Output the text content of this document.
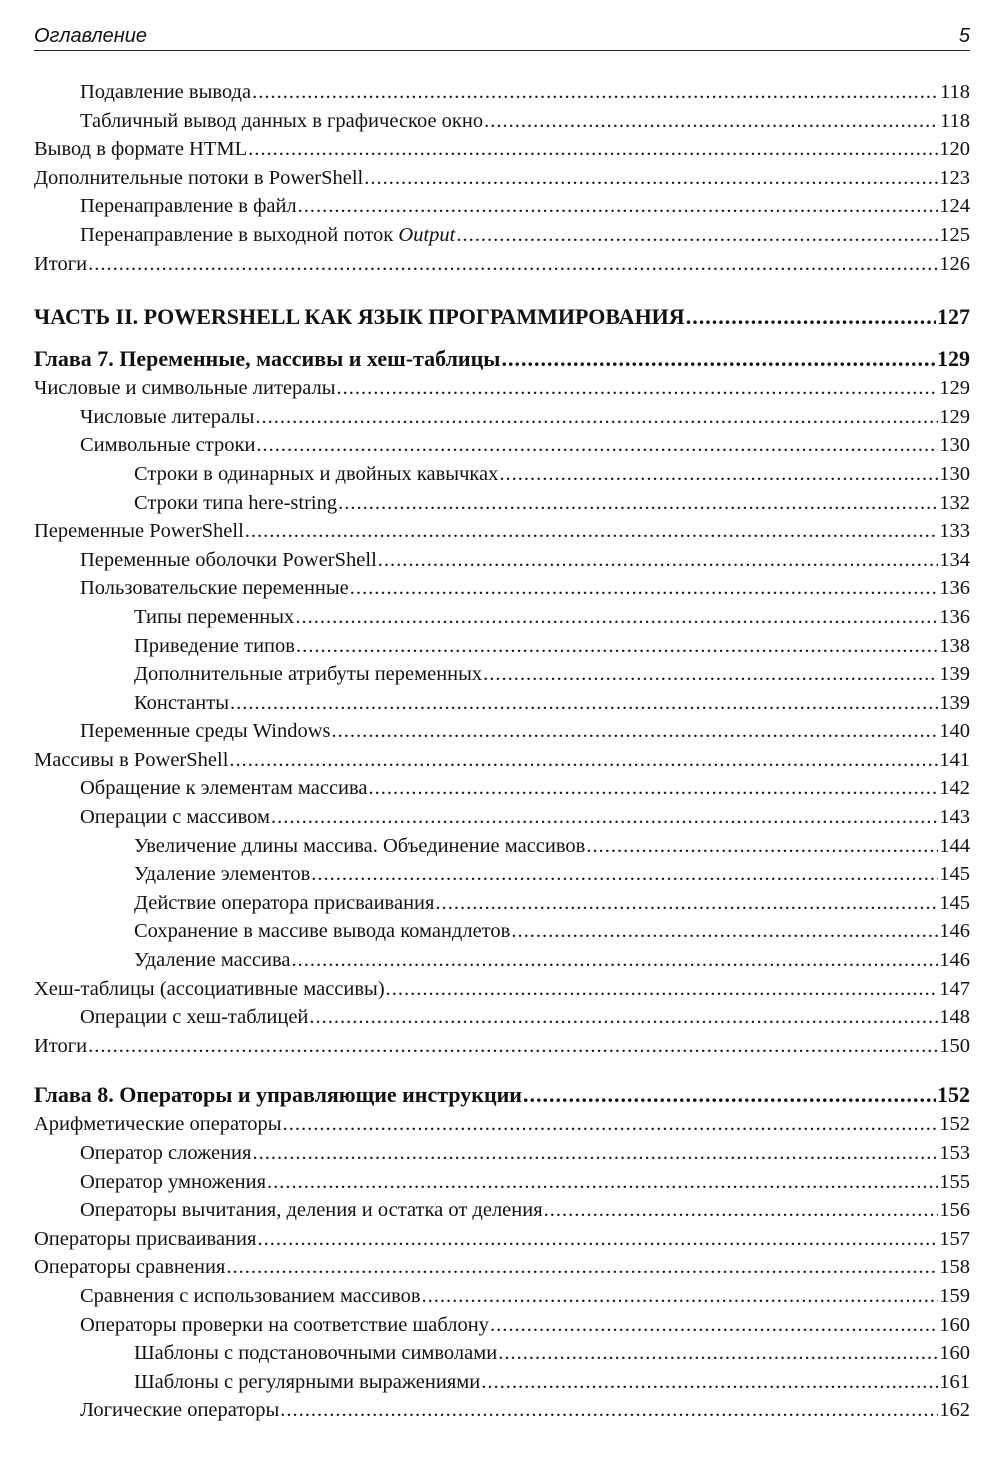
Оглавление	5
Подавление вывода .....	118
Табличный вывод данных в графическое окно .....	118
Вывод в формате HTML .....	120
Дополнительные потоки в PowerShell .....	123
Перенаправление в файл .....	124
Перенаправление в выходной поток Output .....	125
Итоги .....	126
ЧАСТЬ II. POWERSHELL КАК ЯЗЫК ПРОГРАММИРОВАНИЯ .....	127
Глава 7. Переменные, массивы и хеш-таблицы .....	129
Числовые и символьные литералы .....	129
Числовые литералы .....	129
Символьные строки .....	130
Строки в одинарных и двойных кавычках .....	130
Строки типа here-string .....	132
Переменные PowerShell .....	133
Переменные оболочки PowerShell .....	134
Пользовательские переменные .....	136
Типы переменных .....	136
Приведение типов .....	138
Дополнительные атрибуты переменных .....	139
Константы .....	139
Переменные среды Windows .....	140
Массивы в PowerShell .....	141
Обращение к элементам массива .....	142
Операции с массивом .....	143
Увеличение длины массива. Объединение массивов .....	144
Удаление элементов .....	145
Действие оператора присваивания .....	145
Сохранение в массиве вывода командлетов .....	146
Удаление массива .....	146
Хеш-таблицы (ассоциативные массивы) .....	147
Операции с хеш-таблицей .....	148
Итоги .....	150
Глава 8. Операторы и управляющие инструкции .....	152
Арифметические операторы .....	152
Оператор сложения .....	153
Оператор умножения .....	155
Операторы вычитания, деления и остатка от деления .....	156
Операторы присваивания .....	157
Операторы сравнения .....	158
Сравнения с использованием массивов .....	159
Операторы проверки на соответствие шаблону .....	160
Шаблоны с подстановочными символами .....	160
Шаблоны с регулярными выражениями .....	161
Логические операторы .....	162
